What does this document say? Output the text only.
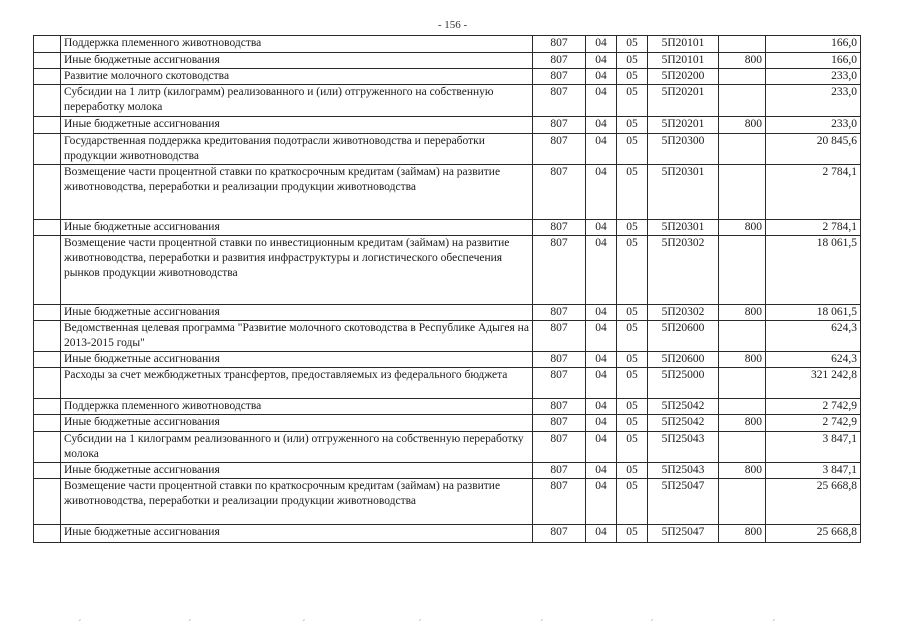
- 156 -
	Поддержка племенного животноводства	807	04	05	5П20101		166,0
	Иные бюджетные ассигнования	807	04	05	5П20101	800	166,0
	Развитие молочного скотоводства	807	04	05	5П20200		233,0
	Субсидии на 1 литр (килограмм) реализованного и (или) отгруженного на собственную переработку молока	807	04	05	5П20201		233,0
	Иные бюджетные ассигнования	807	04	05	5П20201	800	233,0
	Государственная поддержка кредитования подотрасли животноводства и переработки продукции животноводства	807	04	05	5П20300		20 845,6
	Возмещение части процентной ставки по краткосрочным кредитам (займам) на развитие животноводства, переработки и реализации продукции животноводства	807	04	05	5П20301		2 784,1
	Иные бюджетные ассигнования	807	04	05	5П20301	800	2 784,1
	Возмещение части процентной ставки по инвестиционным кредитам (займам) на развитие животноводства, переработки и развития инфраструктуры и логистического обеспечения рынков продукции животноводства	807	04	05	5П20302		18 061,5
	Иные бюджетные ассигнования	807	04	05	5П20302	800	18 061,5
	Ведомственная целевая программа "Развитие молочного скотоводства в Республике Адыгея на 2013-2015 годы"	807	04	05	5П20600		624,3
	Иные бюджетные ассигнования	807	04	05	5П20600	800	624,3
	Расходы за счет межбюджетных трансфертов, предоставляемых из федерального бюджета	807	04	05	5П25000		321 242,8
	Поддержка племенного животноводства	807	04	05	5П25042		2 742,9
	Иные бюджетные ассигнования	807	04	05	5П25042	800	2 742,9
	Субсидии на 1 килограмм реализованного и (или) отгруженного на собственную переработку молока	807	04	05	5П25043		3 847,1
	Иные бюджетные ассигнования	807	04	05	5П25043	800	3 847,1
	Возмещение части процентной ставки по краткосрочным кредитам (займам) на развитие животноводства, переработки и реализации продукции животноводства	807	04	05	5П25047		25 668,8
	Иные бюджетные ассигнования	807	04	05	5П25047	800	25 668,8
ˊ	ˊ	ˊ	ˊ	ˊ	ˊ	ˊ
